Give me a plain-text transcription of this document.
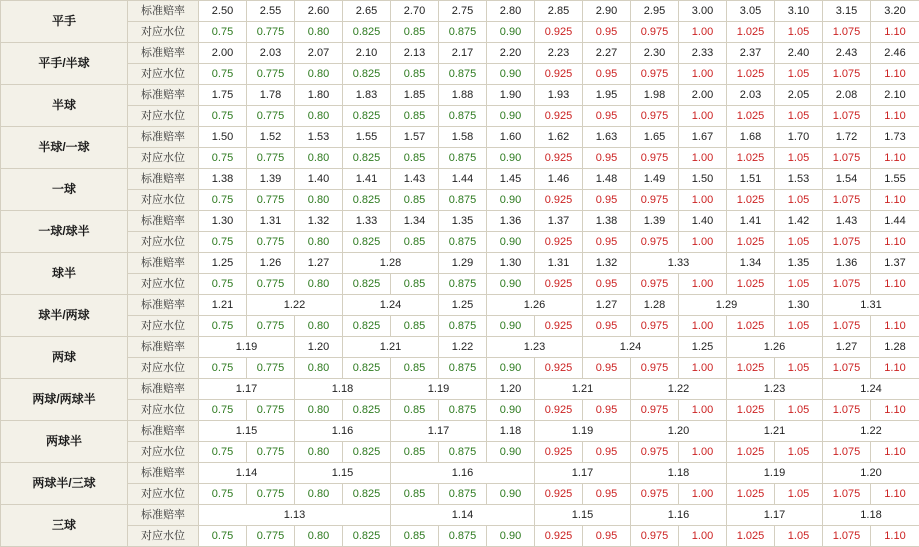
平手	标准赔率	2.50	2.55	2.60	2.65	2.70	2.75	2.80	2.85	2.90	2.95	3.00	3.05	3.10	3.15	3.20
	对应水位	0.75	0.775	0.80	0.825	0.85	0.875	0.90	0.925	0.95	0.975	1.00	1.025	1.05	1.075	1.10
平手/半球	标准赔率	2.00	2.03	2.07	2.10	2.13	2.17	2.20	2.23	2.27	2.30	2.33	2.37	2.40	2.43	2.46
	对应水位	0.75	0.775	0.80	0.825	0.85	0.875	0.90	0.925	0.95	0.975	1.00	1.025	1.05	1.075	1.10
半球	标准赔率	1.75	1.78	1.80	1.83	1.85	1.88	1.90	1.93	1.95	1.98	2.00	2.03	2.05	2.08	2.10
	对应水位	0.75	0.775	0.80	0.825	0.85	0.875	0.90	0.925	0.95	0.975	1.00	1.025	1.05	1.075	1.10
半球/一球	标准赔率	1.50	1.52	1.53	1.55	1.57	1.58	1.60	1.62	1.63	1.65	1.67	1.68	1.70	1.72	1.73
	对应水位	0.75	0.775	0.80	0.825	0.85	0.875	0.90	0.925	0.95	0.975	1.00	1.025	1.05	1.075	1.10
一球	标准赔率	1.38	1.39	1.40	1.41	1.43	1.44	1.45	1.46	1.48	1.49	1.50	1.51	1.53	1.54	1.55
	对应水位	0.75	0.775	0.80	0.825	0.85	0.875	0.90	0.925	0.95	0.975	1.00	1.025	1.05	1.075	1.10
一球/球半	标准赔率	1.30	1.31	1.32	1.33	1.34	1.35	1.36	1.37	1.38	1.39	1.40	1.41	1.42	1.43	1.44
	对应水位	0.75	0.775	0.80	0.825	0.85	0.875	0.90	0.925	0.95	0.975	1.00	1.025	1.05	1.075	1.10
球半	标准赔率	1.25	1.26	1.27	1.28		1.29	1.30	1.31	1.32	1.33		1.34	1.35	1.36	1.37
	对应水位	0.75	0.775	0.80	0.825	0.85	0.875	0.90	0.925	0.95	0.975	1.00	1.025	1.05	1.075	1.10
球半/两球	标准赔率	1.21	1.22		1.24		1.25	1.26		1.27	1.28	1.29		1.30	1.31	
	对应水位	0.75	0.775	0.80	0.825	0.85	0.875	0.90	0.925	0.95	0.975	1.00	1.025	1.05	1.075	1.10
两球	标准赔率	1.19		1.20	1.21		1.22	1.23		1.24		1.25	1.26		1.27	1.28
	对应水位	0.75	0.775	0.80	0.825	0.85	0.875	0.90	0.925	0.95	0.975	1.00	1.025	1.05	1.075	1.10
两球/两球半	标准赔率	1.17		1.18		1.19		1.20	1.21		1.22		1.23		1.24	
	对应水位	0.75	0.775	0.80	0.825	0.85	0.875	0.90	0.925	0.95	0.975	1.00	1.025	1.05	1.075	1.10
两球半	标准赔率	1.15		1.16		1.17		1.18	1.19		1.20		1.21		1.22	
	对应水位	0.75	0.775	0.80	0.825	0.85	0.875	0.90	0.925	0.95	0.975	1.00	1.025	1.05	1.075	1.10
两球半/三球	标准赔率	1.14		1.15		1.16			1.17		1.18		1.19		1.20	
	对应水位	0.75	0.775	0.80	0.825	0.85	0.875	0.90	0.925	0.95	0.975	1.00	1.025	1.05	1.075	1.10
三球	标准赔率	1.13				1.14			1.15		1.16		1.17		1.18	
	对应水位	0.75	0.775	0.80	0.825	0.85	0.875	0.90	0.925	0.95	0.975	1.00	1.025	1.05	1.075	1.10
